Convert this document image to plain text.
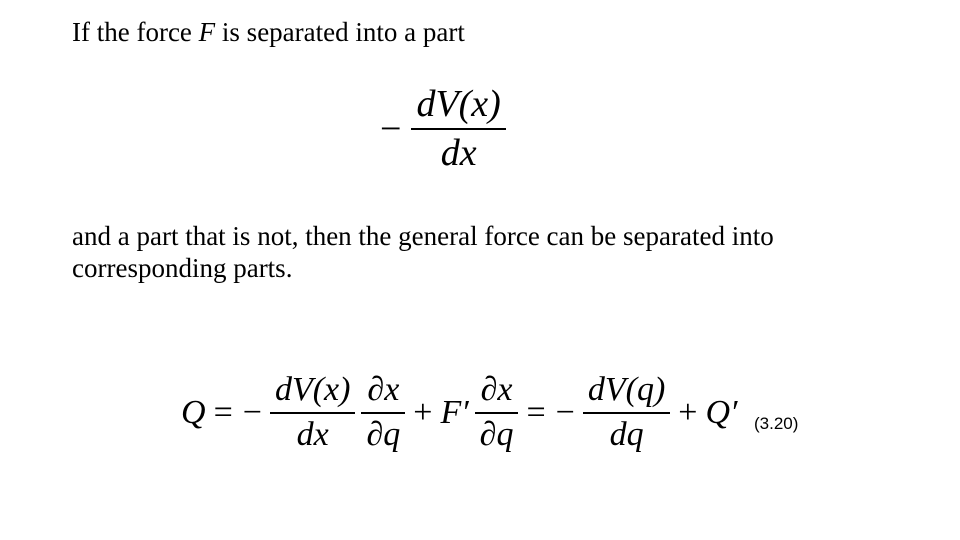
If the force F is separated into a part
− $\frac{dV(x)}{dx}$
and a part that is not, then the general force can be separated into
corresponding parts.
Q = − $\frac{dV(x)}{dx} \frac{\partial x}{\partial q} + F' \frac{\partial x}{\partial q}$ = − $\frac{dV(q)}{dq} + Q'$ (3.20)
